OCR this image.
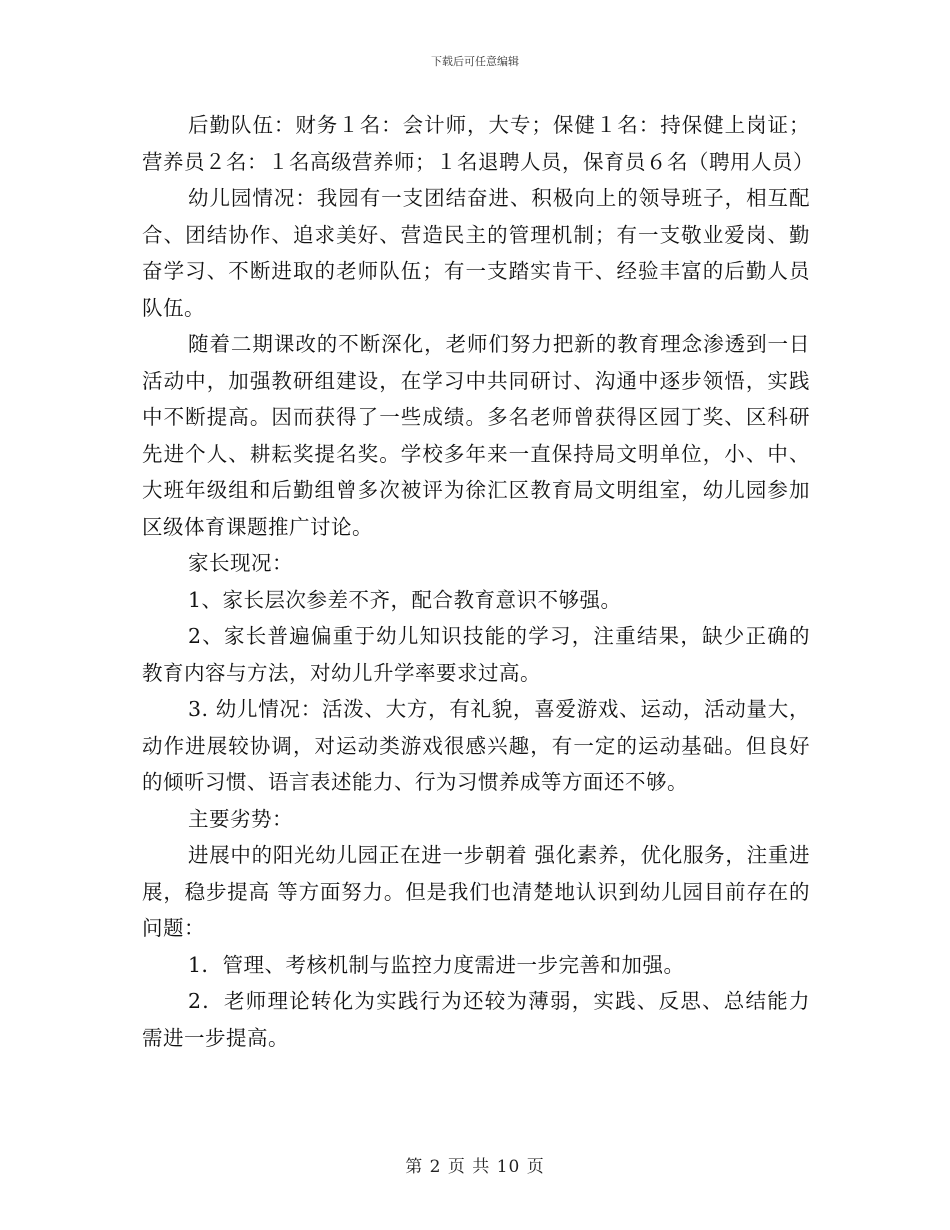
下载后可任意编辑

后勤队伍：财务１名：会计师，大专；保健１名：持保健上岗证；营养员２名：１名高级营养师；１名退聘人员，保育员６名（聘用人员）

幼儿园情况：我园有一支团结奋进、积极向上的领导班子，相互配合、团结协作、追求美好、营造民主的管理机制；有一支敬业爱岗、勤奋学习、不断进取的老师队伍；有一支踏实肯干、经验丰富的后勤人员队伍。

随着二期课改的不断深化，老师们努力把新的教育理念渗透到一日活动中，加强教研组建设，在学习中共同研讨、沟通中逐步领悟，实践中不断提高。因而获得了一些成绩。多名老师曾获得区园丁奖、区科研先进个人、耕耘奖提名奖。学校多年来一直保持局文明单位，小、中、大班年级组和后勤组曾多次被评为徐汇区教育局文明组室，幼儿园参加区级体育课题推广讨论。

家长现况：

1、家长层次参差不齐，配合教育意识不够强。

2、家长普遍偏重于幼儿知识技能的学习，注重结果，缺少正确的教育内容与方法，对幼儿升学率要求过高。

3. 幼儿情况：活泼、大方，有礼貌，喜爱游戏、运动，活动量大，动作进展较协调，对运动类游戏很感兴趣，有一定的运动基础。但良好的倾听习惯、语言表述能力、行为习惯养成等方面还不够。

主要劣势：

进展中的阳光幼儿园正在进一步朝着 强化素养，优化服务，注重进展，稳步提高 等方面努力。但是我们也清楚地认识到幼儿园目前存在的问题：

1．管理、考核机制与监控力度需进一步完善和加强。

2．老师理论转化为实践行为还较为薄弱，实践、反思、总结能力需进一步提高。

第 2 页 共 10 页
